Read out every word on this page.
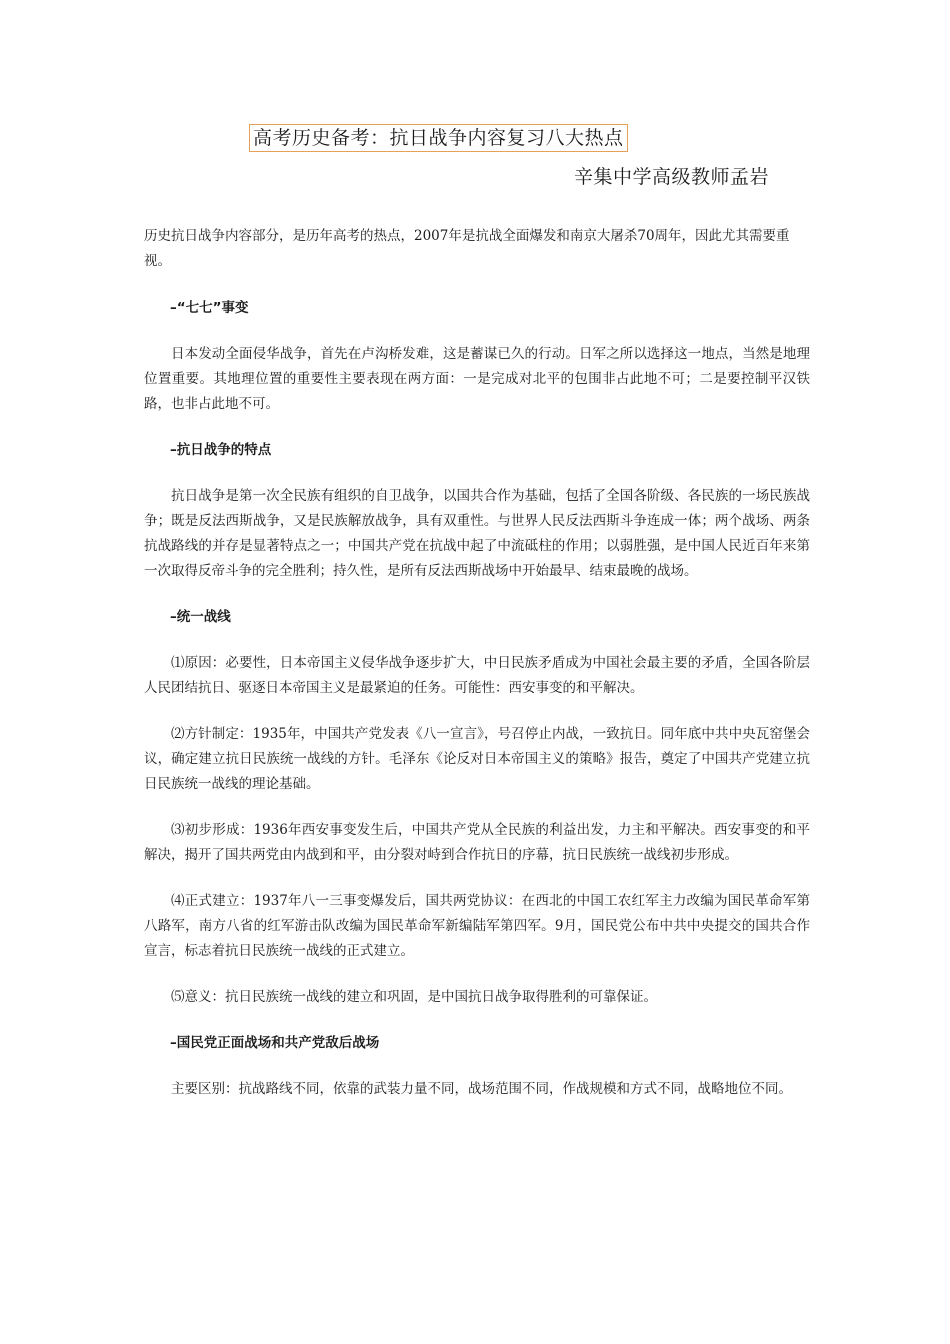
高考历史备考：抗日战争内容复习八大热点
辛集中学高级教师孟岩

历史抗日战争内容部分，是历年高考的热点，2007年是抗战全面爆发和南京大屠杀70周年，因此尤其需要重视。

–“七七”事变

日本发动全面侵华战争，首先在卢沟桥发难，这是蓄谋已久的行动。日军之所以选择这一地点，当然是地理位置重要。其地理位置的重要性主要表现在两方面：一是完成对北平的包围非占此地不可；二是要控制平汉铁路，也非占此地不可。

–抗日战争的特点

抗日战争是第一次全民族有组织的自卫战争，以国共合作为基础，包括了全国各阶级、各民族的一场民族战争；既是反法西斯战争，又是民族解放战争，具有双重性。与世界人民反法西斯斗争连成一体；两个战场、两条抗战路线的并存是显著特点之一；中国共产党在抗战中起了中流砥柱的作用；以弱胜强，是中国人民近百年来第一次取得反帝斗争的完全胜利；持久性，是所有反法西斯战场中开始最早、结束最晚的战场。

–统一战线

⑴原因：必要性，日本帝国主义侵华战争逐步扩大，中日民族矛盾成为中国社会最主要的矛盾，全国各阶层人民团结抗日、驱逐日本帝国主义是最紧迫的任务。可能性：西安事变的和平解决。

⑵方针制定：1935年，中国共产党发表《八一宣言》，号召停止内战，一致抗日。同年底中共中央瓦窑堡会议，确定建立抗日民族统一战线的方针。毛泽东《论反对日本帝国主义的策略》报告，奠定了中国共产党建立抗日民族统一战线的理论基础。

⑶初步形成：1936年西安事变发生后，中国共产党从全民族的利益出发，力主和平解决。西安事变的和平解决，揭开了国共两党由内战到和平，由分裂对峙到合作抗日的序幕，抗日民族统一战线初步形成。

⑷正式建立：1937年八一三事变爆发后，国共两党协议：在西北的中国工农红军主力改编为国民革命军第八路军，南方八省的红军游击队改编为国民革命军新编陆军第四军。9月，国民党公布中共中央提交的国共合作宣言，标志着抗日民族统一战线的正式建立。

⑸意义：抗日民族统一战线的建立和巩固，是中国抗日战争取得胜利的可靠保证。

–国民党正面战场和共产党敌后战场

主要区别：抗战路线不同，依靠的武装力量不同，战场范围不同，作战规模和方式不同，战略地位不同。
